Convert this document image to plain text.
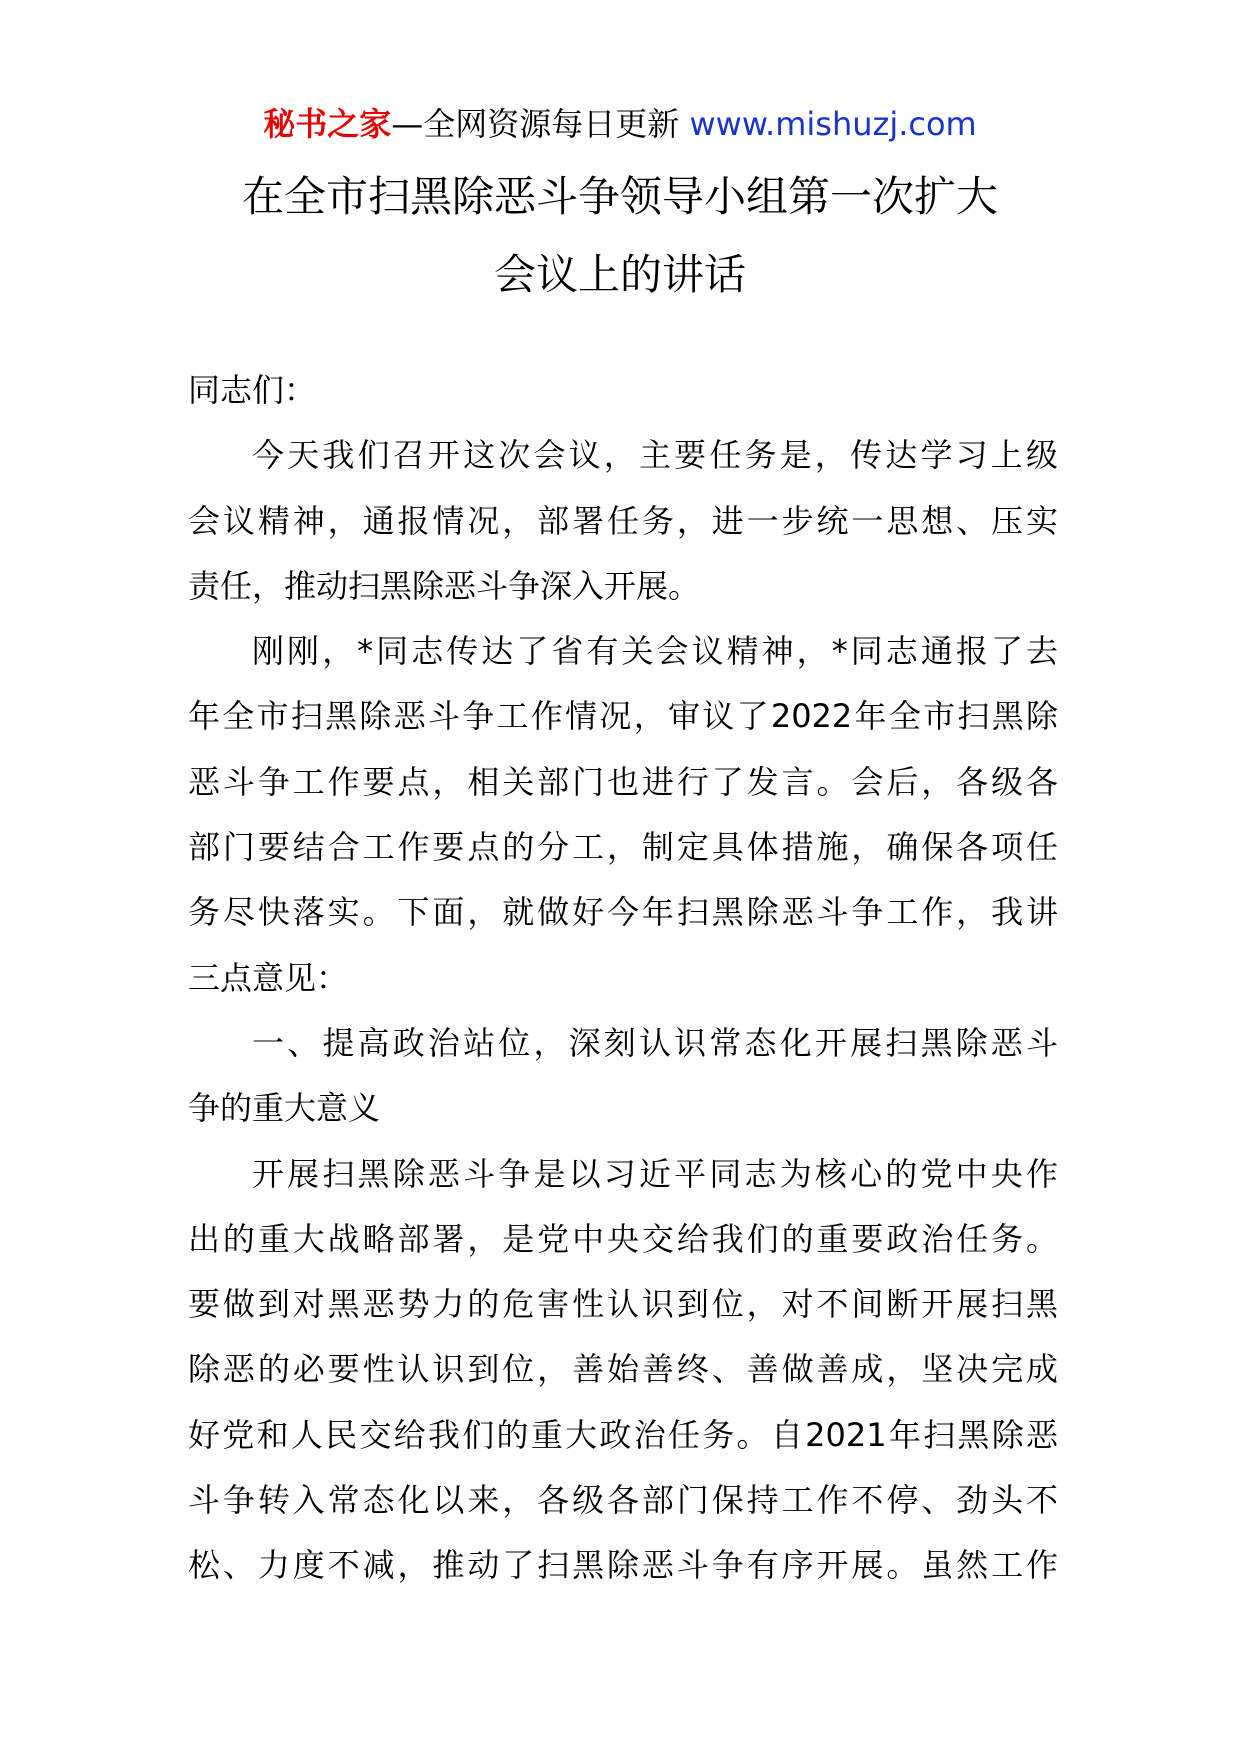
秘书之家—全网资源每日更新 www.mishuzj.com
在全市扫黑除恶斗争领导小组第一次扩大
会议上的讲话
同志们：
今天我们召开这次会议，主要任务是，传达学习上级
会议精神，通报情况，部署任务，进一步统一思想、压实
责任，推动扫黑除恶斗争深入开展。
刚刚，*同志传达了省有关会议精神，*同志通报了去
年全市扫黑除恶斗争工作情况，审议了2022年全市扫黑除
恶斗争工作要点，相关部门也进行了发言。会后，各级各
部门要结合工作要点的分工，制定具体措施，确保各项任
务尽快落实。下面，就做好今年扫黑除恶斗争工作，我讲
三点意见：
一、提高政治站位，深刻认识常态化开展扫黑除恶斗
争的重大意义
开展扫黑除恶斗争是以习近平同志为核心的党中央作
出的重大战略部署，是党中央交给我们的重要政治任务。
要做到对黑恶势力的危害性认识到位，对不间断开展扫黑
除恶的必要性认识到位，善始善终、善做善成，坚决完成
好党和人民交给我们的重大政治任务。自2021年扫黑除恶
斗争转入常态化以来，各级各部门保持工作不停、劲头不
松、力度不减，推动了扫黑除恶斗争有序开展。虽然工作
